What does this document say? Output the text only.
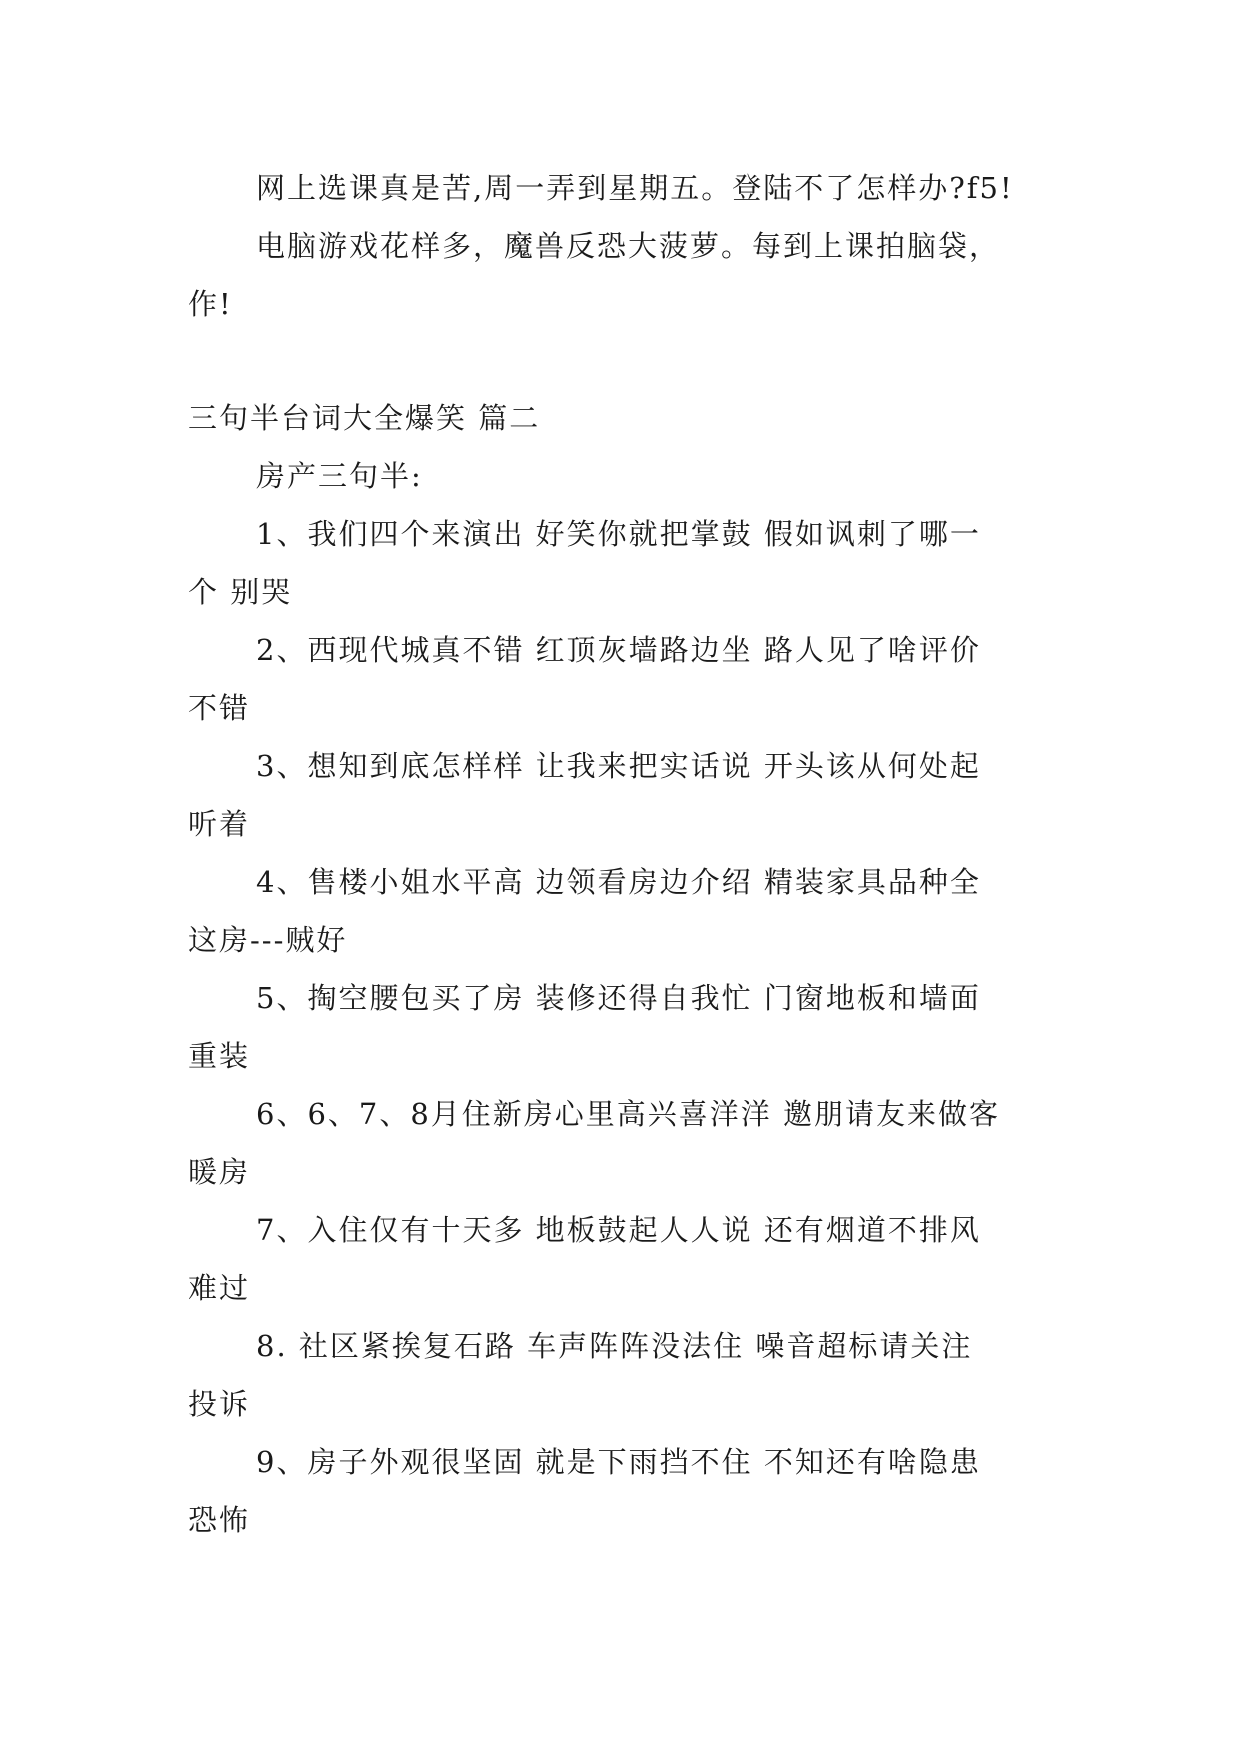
网上选课真是苦,周一弄到星期五。登陆不了怎样办?f5!
电脑游戏花样多，魔兽反恐大菠萝。每到上课拍脑袋，
作!
三句半台词大全爆笑 篇二
房产三句半:
1、我们四个来演出 好笑你就把掌鼓 假如讽刺了哪一
个 别哭
2、西现代城真不错 红顶灰墙路边坐 路人见了啥评价
不错
3、想知到底怎样样 让我来把实话说 开头该从何处起
听着
4、售楼小姐水平高 边领看房边介绍 精装家具品种全
这房---贼好
5、掏空腰包买了房 装修还得自我忙 门窗地板和墙面
重装
6、6、7、8月住新房心里高兴喜洋洋 邀朋请友来做客
暖房
7、入住仅有十天多 地板鼓起人人说 还有烟道不排风
难过
8. 社区紧挨复石路 车声阵阵没法住 噪音超标请关注
投诉
9、房子外观很坚固 就是下雨挡不住 不知还有啥隐患
恐怖
